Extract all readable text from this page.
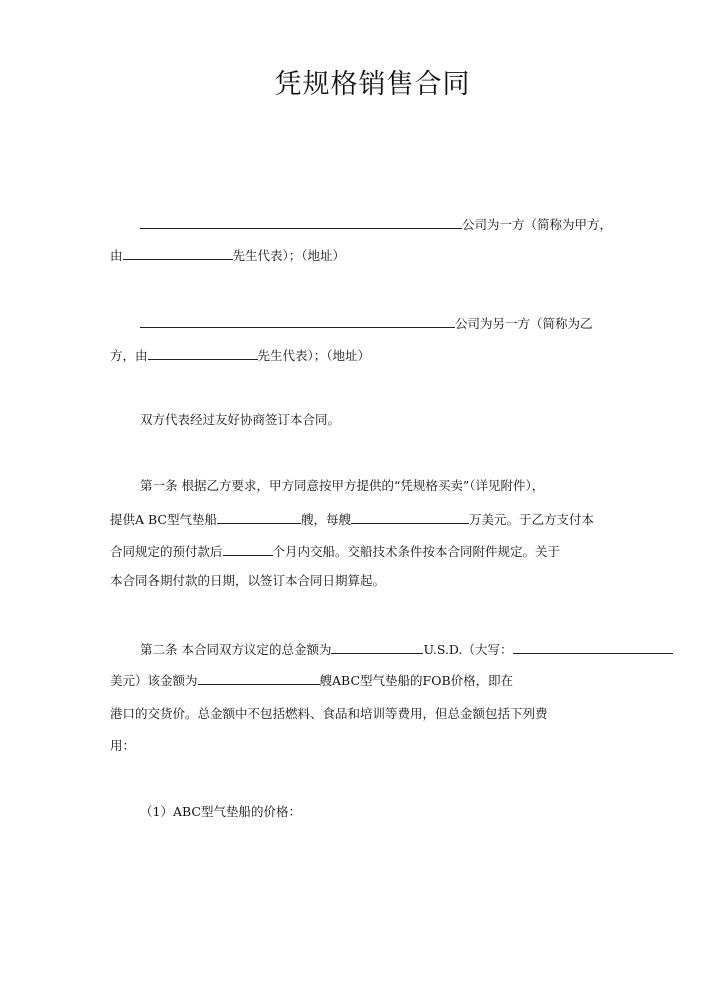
凭规格销售合同
公司为一方（简称为甲方，
由	先生代表）；（地址）
公司为另一方（简称为乙
方，由	先生代表）；（地址）
双方代表经过友好协商签订本合同。
第一条 根据乙方要求，甲方同意按甲方提供的“凭规格买卖”（详见附件），
提供A BC型气垫船	艘，每艘	万美元。于乙方支付本
合同规定的预付款后	个月内交船。交船技术条件按本合同附件规定。关于
本合同各期付款的日期，以签订本合同日期算起。
第二条 本合同双方议定的总金额为	U.S.D.（大写：
美元）该金额为	艘ABC型气垫船的FOB价格，即在
港口的交货价。总金额中不包括燃料、食品和培训等费用，但总金额包括下列费
用：
（1）ABC型气垫船的价格：
